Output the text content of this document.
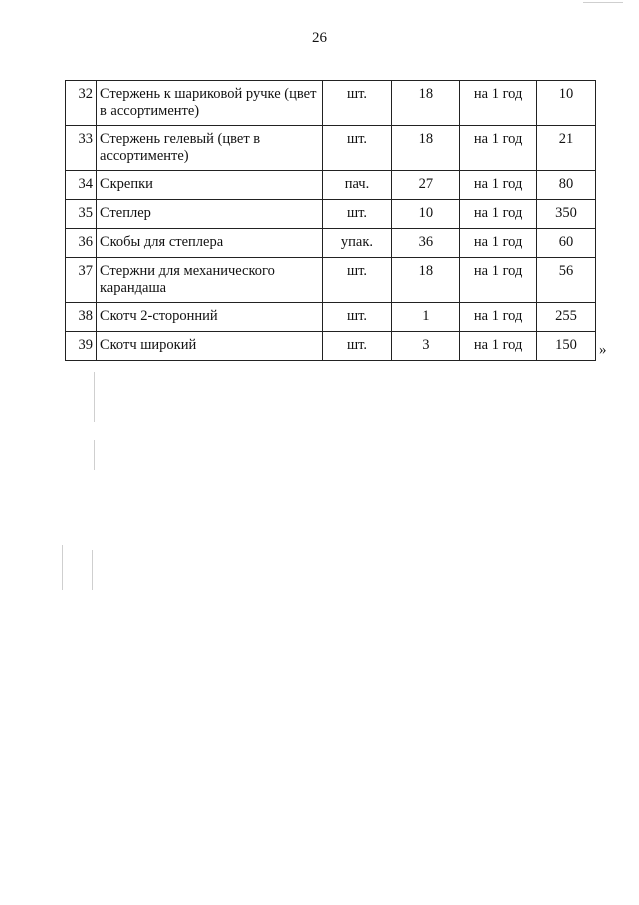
26
32	Стержень к шариковой ручке (цвет в ассортименте)	шт.	18	на 1 год	10
33	Стержень гелевый (цвет в ассортименте)	шт.	18	на 1 год	21
34	Скрепки	пач.	27	на 1 год	80
35	Степлер	шт.	10	на 1 год	350
36	Скобы для степлера	упак.	36	на 1 год	60
37	Стержни для механического карандаша	шт.	18	на 1 год	56
38	Скотч 2-сторонний	шт.	1	на 1 год	255
39	Скотч широкий	шт.	3	на 1 год	150 »
